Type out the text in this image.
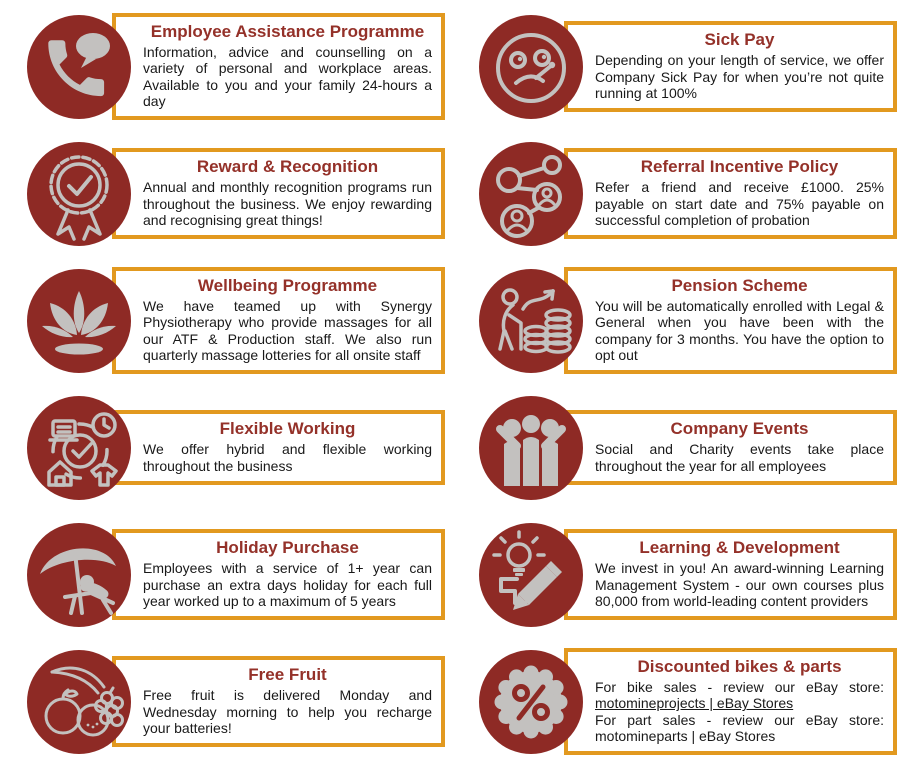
Employee Assistance Programme
Information, advice and counselling on a variety of personal and workplace areas. Available to you and your family 24-hours a day
Sick Pay
Depending on your length of service, we offer Company Sick Pay for when you’re not quite running at 100%
Reward & Recognition
Annual and monthly recognition programs run throughout the business. We enjoy rewarding and recognising great things!
Referral Incentive Policy
Refer a friend and receive £1000. 25% payable on start date and 75% payable on successful completion of probation
Wellbeing Programme
We have teamed up with Synergy Physiotherapy who provide massages for all our ATF & Production staff. We also run quarterly massage lotteries for all onsite staff
Pension Scheme
You will be automatically enrolled with Legal & General when you have been with the company for 3 months. You have the option to opt out
Flexible Working
We offer hybrid and flexible working throughout the business
Company Events
Social and Charity events take place throughout the year for all employees
Holiday Purchase
Employees with a service of 1+ year can purchase an extra days holiday for each full year worked up to a maximum of 5 years
Learning & Development
We invest in you! An award-winning Learning Management System - our own courses plus 80,000 from world-leading content providers
Free Fruit
Free fruit is delivered Monday and Wednesday morning to help you recharge your batteries!
Discounted bikes & parts
For bike sales - review our eBay store:
motomineprojects | eBay Stores
For part sales - review our eBay store:
motomineparts | eBay Stores
